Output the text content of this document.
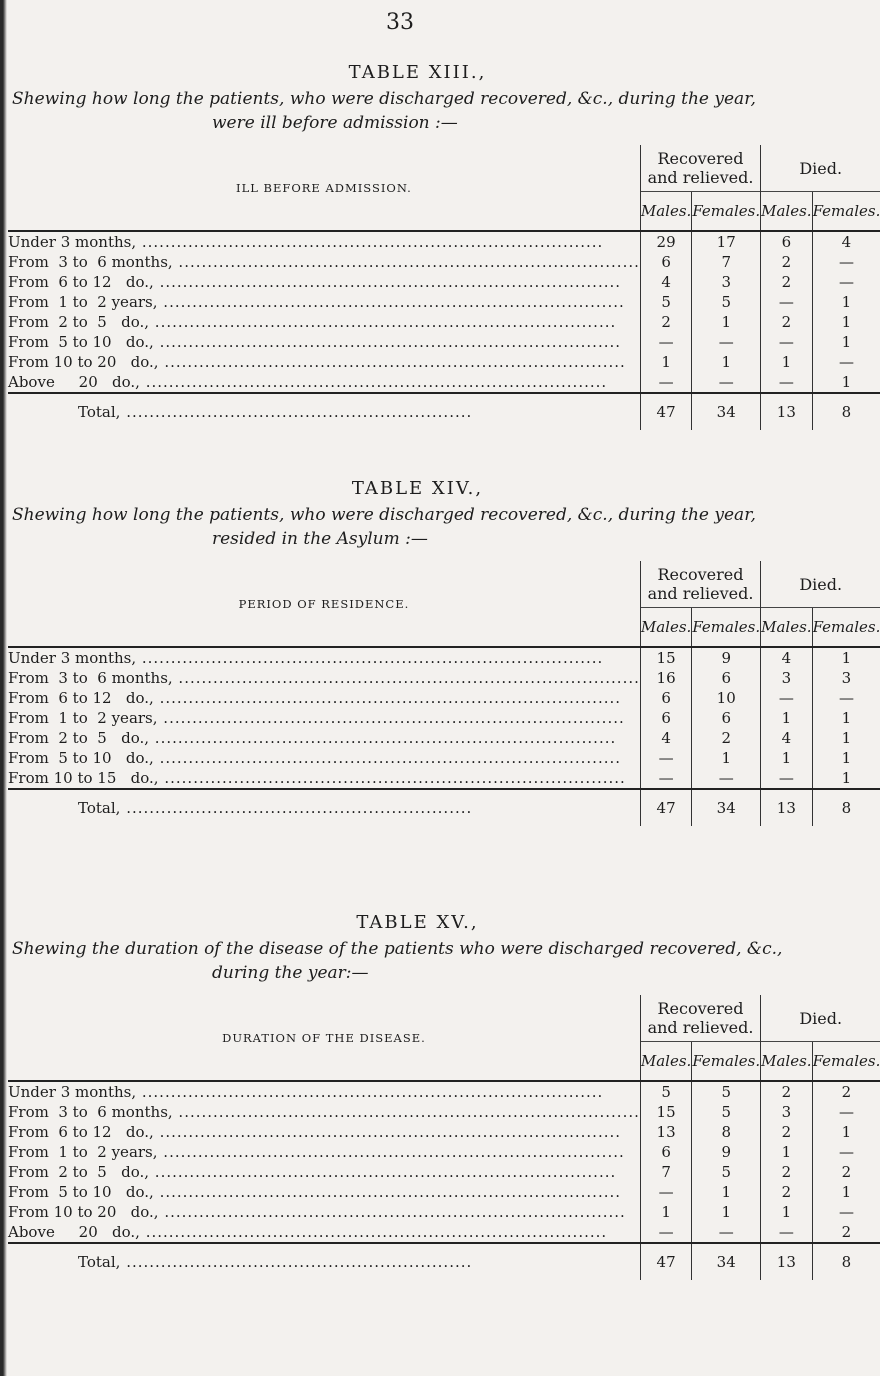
33
TABLE XIII.,
Shewing how long the patients, who were discharged recovered, &c., during the year,
were ill before admission :—
ILL BEFORE ADMISSION.	Recovered and relieved.		Died.	
	Males.	Females.	Males.	Females.
Under 3 months, ................................................................................	29	17	6	4
From  3 to  6 months, ................................................................................	6	7	2	—
From  6 to 12   do., ................................................................................	4	3	2	—
From  1 to  2 years, ................................................................................	5	5	—	1
From  2 to  5   do., ................................................................................	2	1	2	1
From  5 to 10   do., ................................................................................	—	—	—	1
From 10 to 20   do., ................................................................................	1	1	1	—
Above     20   do., ................................................................................	—	—	—	1
Total, ............................................................	47	34	13	8
TABLE XIV.,
Shewing how long the patients, who were discharged recovered, &c., during the year,
resided in the Asylum :—
PERIOD OF RESIDENCE.	Recovered and relieved.		Died.	
	Males.	Females.	Males.	Females.
Under 3 months, ................................................................................	15	9	4	1
From  3 to  6 months, ................................................................................	16	6	3	3
From  6 to 12   do., ................................................................................	6	10	—	—
From  1 to  2 years, ................................................................................	6	6	1	1
From  2 to  5   do., ................................................................................	4	2	4	1
From  5 to 10   do., ................................................................................	—	1	1	1
From 10 to 15   do., ................................................................................	—	—	—	1
Total, ............................................................	47	34	13	8
TABLE XV.,
Shewing the duration of the disease of the patients who were discharged recovered, &c.,
during the year:—
DURATION OF THE DISEASE.	Recovered and relieved.		Died.	
	Males.	Females.	Males.	Females.
Under 3 months, ................................................................................	5	5	2	2
From  3 to  6 months, ................................................................................	15	5	3	—
From  6 to 12   do., ................................................................................	13	8	2	1
From  1 to  2 years, ................................................................................	6	9	1	—
From  2 to  5   do., ................................................................................	7	5	2	2
From  5 to 10   do., ................................................................................	—	1	2	1
From 10 to 20   do., ................................................................................	1	1	1	—
Above     20   do., ................................................................................	—	—	—	2
Total, ............................................................	47	34	13	8
